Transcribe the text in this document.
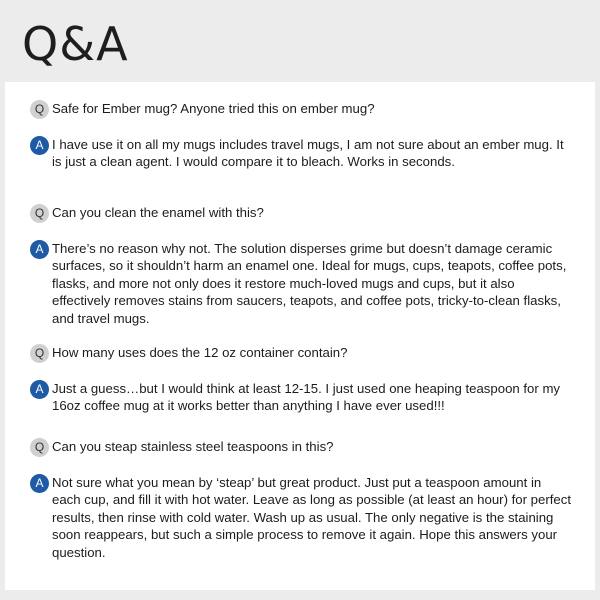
Q&A
Q Safe for Ember mug? Anyone tried this on ember mug?
A I have use it on all my mugs includes travel mugs, I am not sure about an ember mug. It is just a clean agent. I would compare it to bleach. Works in seconds.
Q Can you clean the enamel with this?
A There’s no reason why not. The solution disperses grime but doesn’t damage ceramic surfaces, so it shouldn’t harm an enamel one. Ideal for mugs, cups, teapots, coffee pots, flasks, and more not only does it restore much-loved mugs and cups, but it also effectively removes stains from saucers, teapots, and coffee pots, tricky-to-clean flasks, and travel mugs.
Q How many uses does the 12 oz container contain?
A Just a guess…but I would think at least 12-15. I just used one heaping teaspoon for my 16oz coffee mug at it works better than anything I have ever used!!!
Q Can you steap stainless steel teaspoons in this?
A Not sure what you mean by ‘steap’ but great product. Just put a teaspoon amount in each cup, and fill it with hot water. Leave as long as possible (at least an hour) for perfect results, then rinse with cold water. Wash up as usual. The only negative is the staining soon reappears, but such a simple process to remove it again. Hope this answers your question.
